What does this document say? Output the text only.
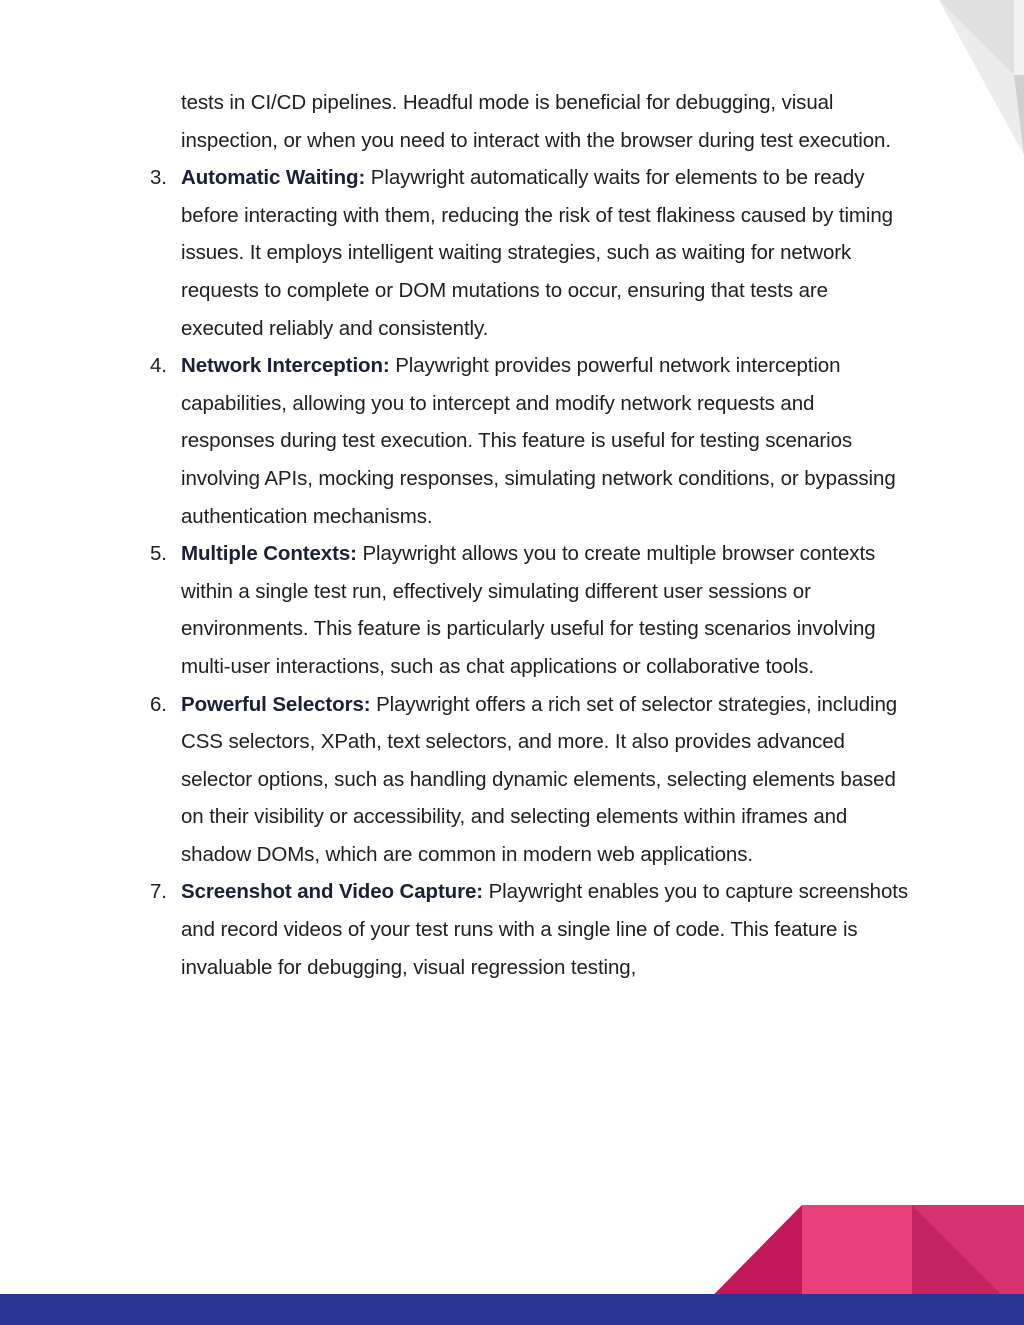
tests in CI/CD pipelines. Headful mode is beneficial for debugging, visual inspection, or when you need to interact with the browser during test execution.

3. Automatic Waiting: Playwright automatically waits for elements to be ready before interacting with them, reducing the risk of test flakiness caused by timing issues. It employs intelligent waiting strategies, such as waiting for network requests to complete or DOM mutations to occur, ensuring that tests are executed reliably and consistently.
4. Network Interception: Playwright provides powerful network interception capabilities, allowing you to intercept and modify network requests and responses during test execution. This feature is useful for testing scenarios involving APIs, mocking responses, simulating network conditions, or bypassing authentication mechanisms.
5. Multiple Contexts: Playwright allows you to create multiple browser contexts within a single test run, effectively simulating different user sessions or environments. This feature is particularly useful for testing scenarios involving multi-user interactions, such as chat applications or collaborative tools.
6. Powerful Selectors: Playwright offers a rich set of selector strategies, including CSS selectors, XPath, text selectors, and more. It also provides advanced selector options, such as handling dynamic elements, selecting elements based on their visibility or accessibility, and selecting elements within iframes and shadow DOMs, which are common in modern web applications.
7. Screenshot and Video Capture: Playwright enables you to capture screenshots and record videos of your test runs with a single line of code. This feature is invaluable for debugging, visual regression testing,
